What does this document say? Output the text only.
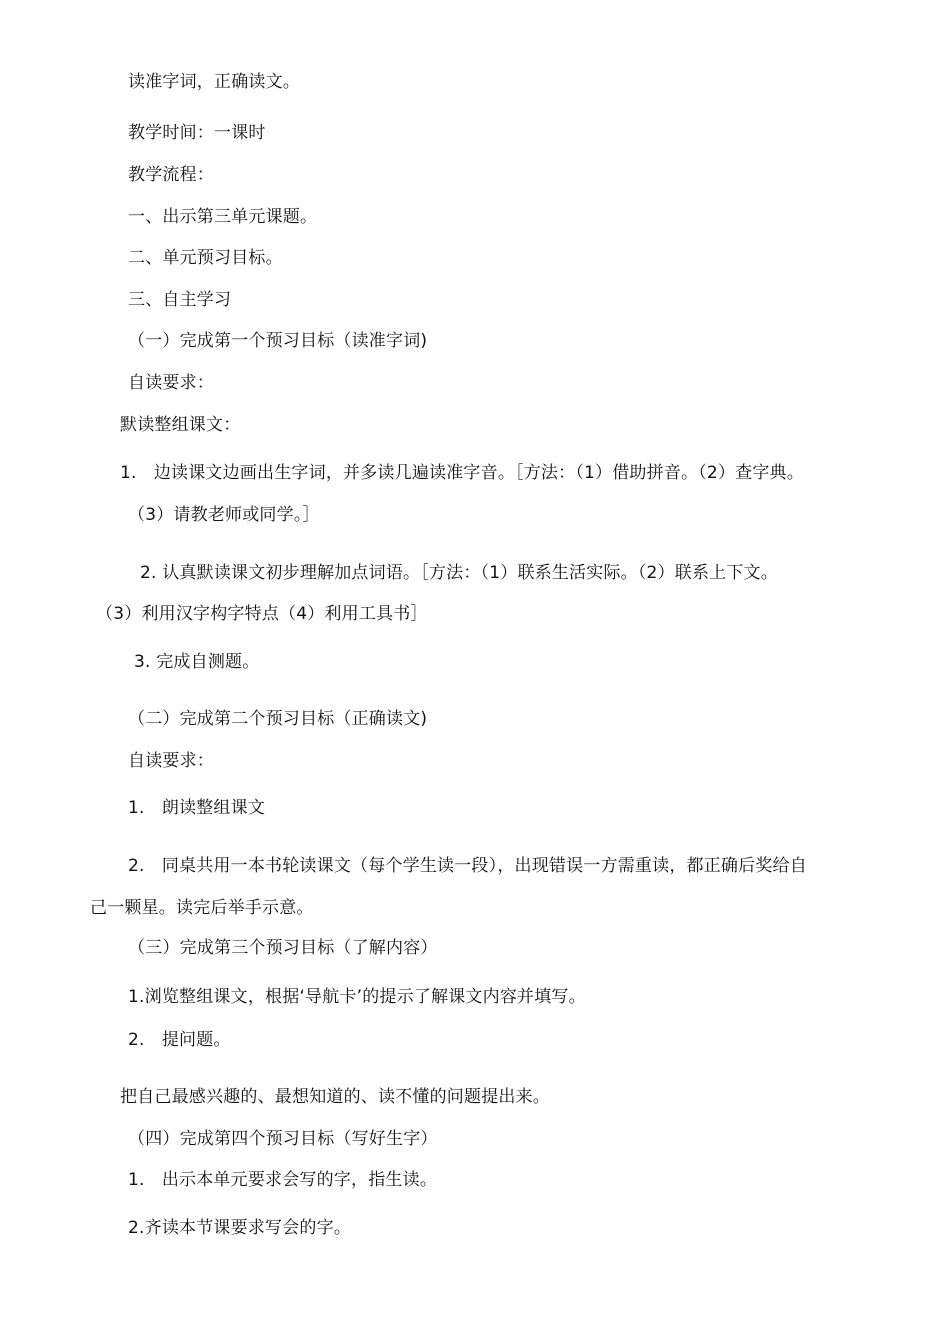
读准字词，正确读文。
教学时间：一课时
教学流程：
一、出示第三单元课题。
二、单元预习目标。
三、自主学习
（一）完成第一个预习目标（读准字词)
自读要求：
默读整组课文：
1.　边读课文边画出生字词，并多读几遍读准字音。［方法：（1）借助拼音。（2）查字典。
（3）请教老师或同学。］
2. 认真默读课文初步理解加点词语。［方法：（1）联系生活实际。（2）联系上下文。
（3）利用汉字构字特点（4）利用工具书］
3. 完成自测题。
（二）完成第二个预习目标（正确读文)
自读要求：
1.　朗读整组课文
2.　同桌共用一本书轮读课文（每个学生读一段），出现错误一方需重读，都正确后奖给自
己一颗星。读完后举手示意。
（三）完成第三个预习目标（了解内容）
1.浏览整组课文，根据‘导航卡’的提示了解课文内容并填写。
2.　提问题。
把自己最感兴趣的、最想知道的、读不懂的问题提出来。
（四）完成第四个预习目标（写好生字）
1.　出示本单元要求会写的字，指生读。
2.齐读本节课要求写会的字。
